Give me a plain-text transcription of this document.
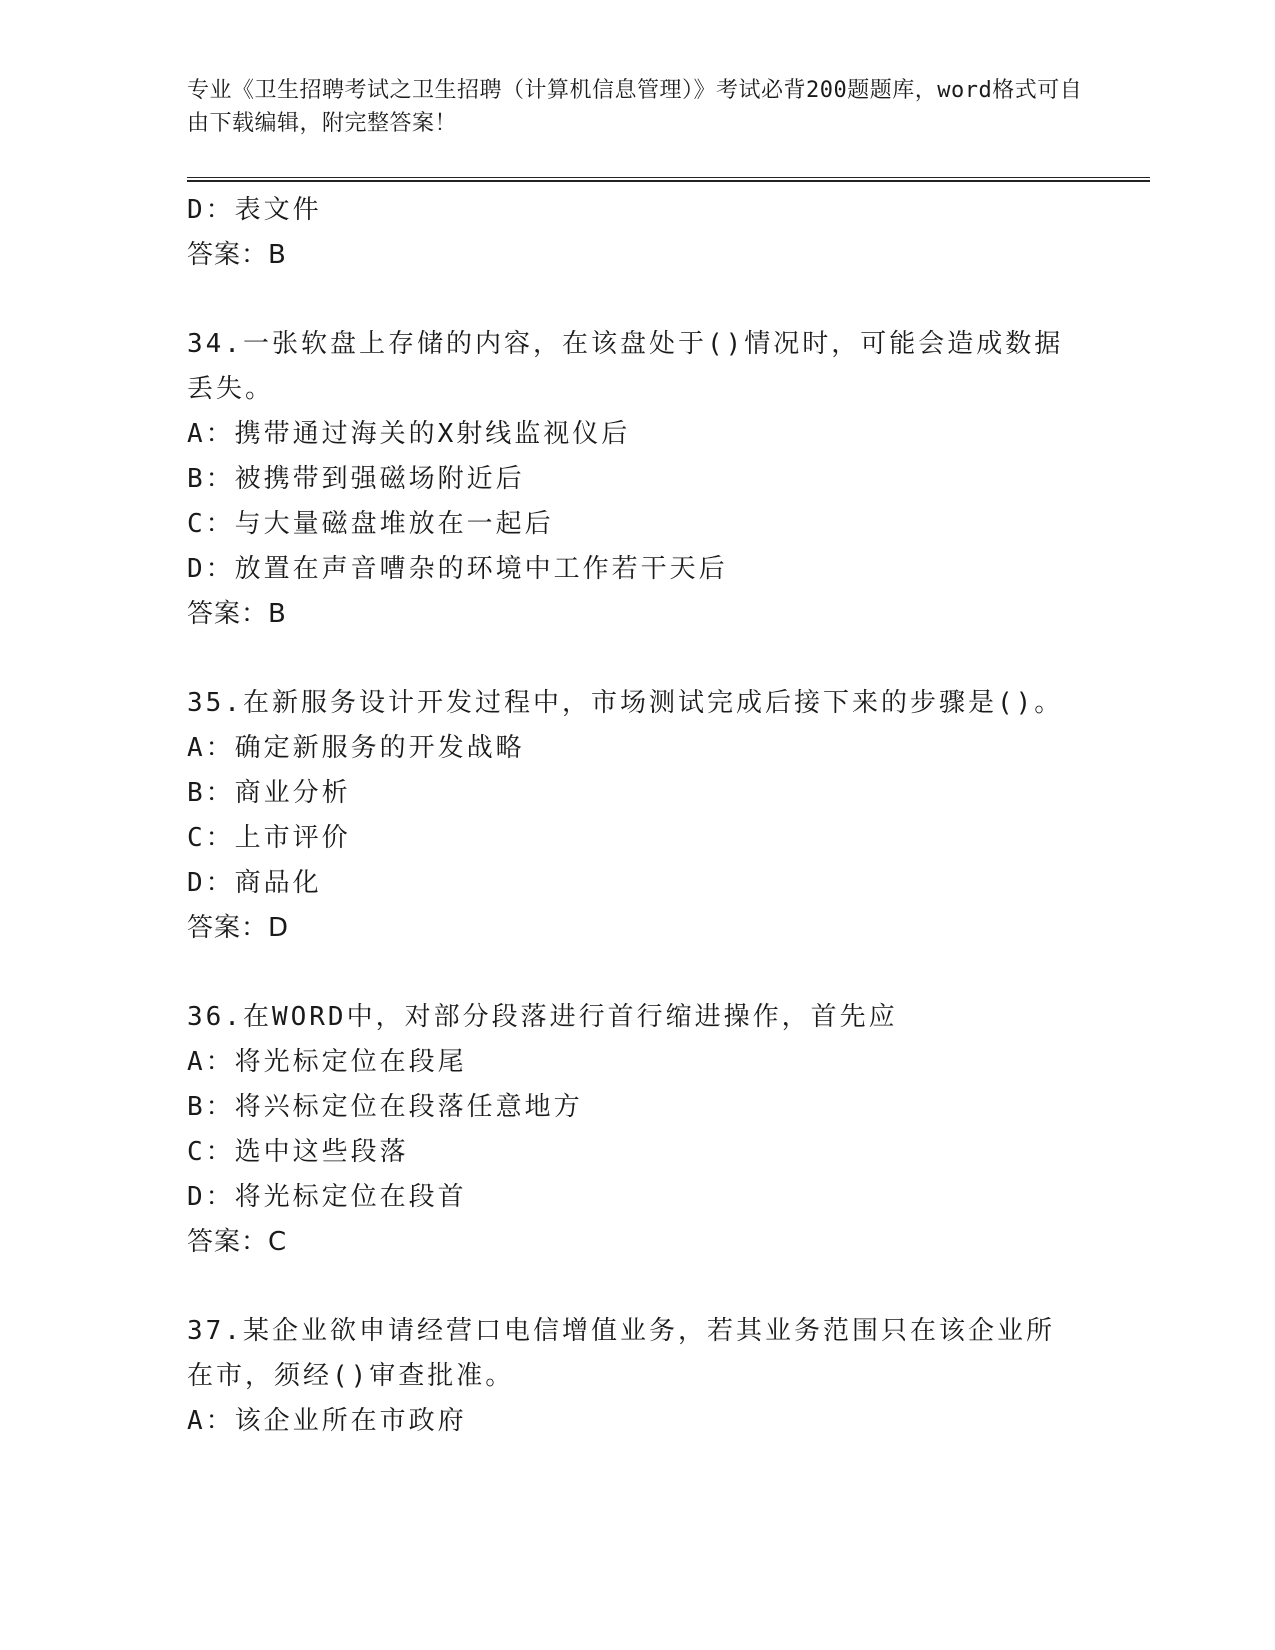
专业《卫生招聘考试之卫生招聘（计算机信息管理）》考试必背200题题库，word格式可自由下载编辑，附完整答案！
D：表文件
答案：B
34.一张软盘上存储的内容，在该盘处于()情况时，可能会造成数据丢失。
A：携带通过海关的X射线监视仪后
B：被携带到强磁场附近后
C：与大量磁盘堆放在一起后
D：放置在声音嘈杂的环境中工作若干天后
答案：B
35.在新服务设计开发过程中，市场测试完成后接下来的步骤是()。
A：确定新服务的开发战略
B：商业分析
C：上市评价
D：商品化
答案：D
36.在WORD中，对部分段落进行首行缩进操作，首先应
A：将光标定位在段尾
B：将兴标定位在段落任意地方
C：选中这些段落
D：将光标定位在段首
答案：C
37.某企业欲申请经营口电信增值业务，若其业务范围只在该企业所在市，须经()审查批准。
A：该企业所在市政府
